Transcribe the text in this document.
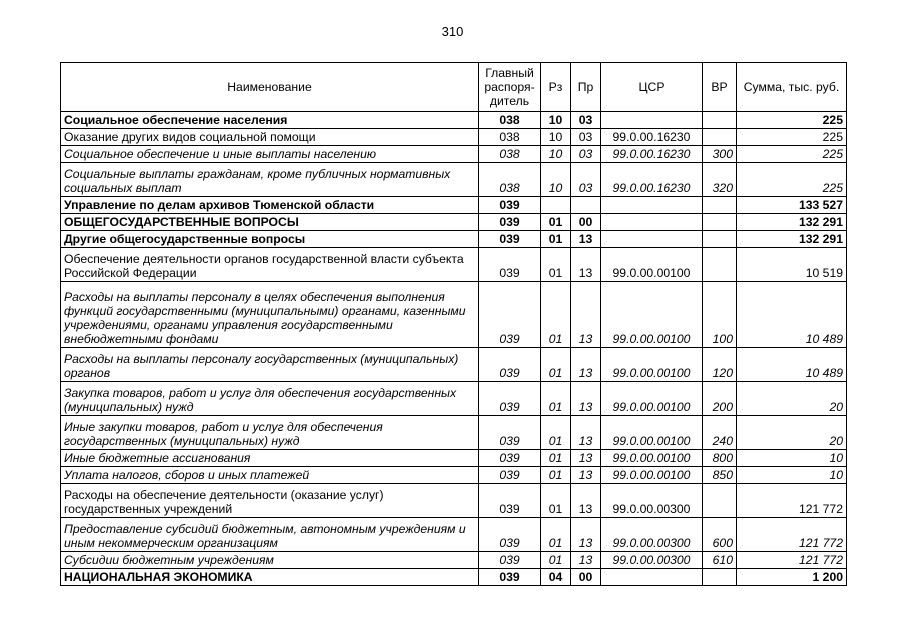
310
Наименование	Главный распоря-дитель	Рз	Пр	ЦСР	ВР	Сумма, тыс. руб.
Социальное обеспечение населения	038	10	03			225
Оказание других видов социальной помощи	038	10	03	99.0.00.16230		225
Социальное обеспечение и иные выплаты населению	038	10	03	99.0.00.16230	300	225
Социальные выплаты гражданам, кроме публичных нормативных социальных выплат	038	10	03	99.0.00.16230	320	225
Управление по делам архивов Тюменской области	039					133 527
ОБЩЕГОСУДАРСТВЕННЫЕ ВОПРОСЫ	039	01	00			132 291
Другие общегосударственные вопросы	039	01	13			132 291
Обеспечение деятельности органов государственной власти субъекта Российской Федерации	039	01	13	99.0.00.00100		10 519
Расходы на выплаты персоналу в целях обеспечения выполнения функций государственными (муниципальными) органами, казенными учреждениями, органами управления государственными внебюджетными фондами	039	01	13	99.0.00.00100	100	10 489
Расходы на выплаты персоналу государственных (муниципальных) органов	039	01	13	99.0.00.00100	120	10 489
Закупка товаров, работ и услуг для обеспечения государственных (муниципальных) нужд	039	01	13	99.0.00.00100	200	20
Иные закупки товаров, работ и услуг для обеспечения государственных (муниципальных) нужд	039	01	13	99.0.00.00100	240	20
Иные бюджетные ассигнования	039	01	13	99.0.00.00100	800	10
Уплата налогов, сборов и иных платежей	039	01	13	99.0.00.00100	850	10
Расходы на обеспечение деятельности (оказание услуг) государственных учреждений	039	01	13	99.0.00.00300		121 772
Предоставление субсидий бюджетным, автономным учреждениям и иным некоммерческим организациям	039	01	13	99.0.00.00300	600	121 772
Субсидии бюджетным учреждениям	039	01	13	99.0.00.00300	610	121 772
НАЦИОНАЛЬНАЯ ЭКОНОМИКА	039	04	00			1 200
